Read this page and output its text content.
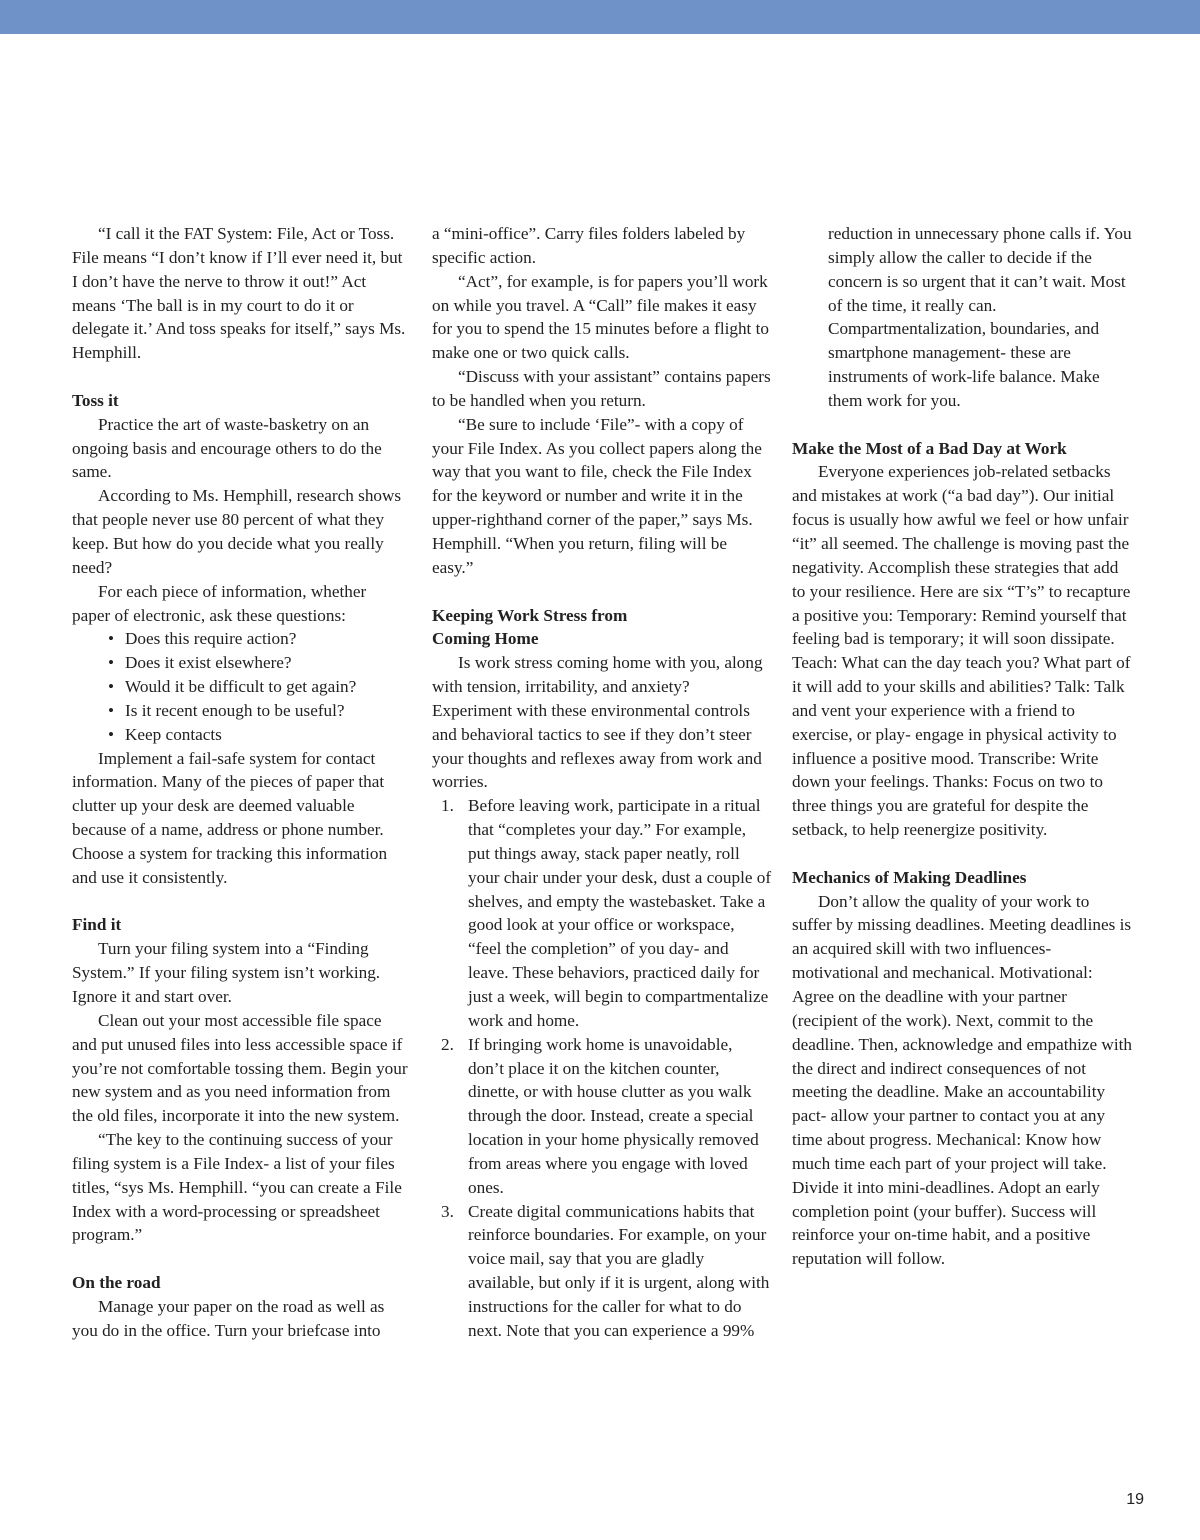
“I call it the FAT System: File, Act or Toss. File means “I don’t know if I’ll ever need it, but I don’t have the nerve to throw it out!” Act means ‘The ball is in my court to do it or delegate it.’ And toss speaks for itself,” says Ms. Hemphill.

Toss it

Practice the art of waste-basketry on an ongoing basis and encourage others to do the same.

According to Ms. Hemphill, research shows that people never use 80 percent of what they keep. But how do you decide what you really need?

For each piece of information, whether paper of electronic, ask these questions:

• Does this require action?
• Does it exist elsewhere?
• Would it be difficult to get again?
• Is it recent enough to be useful?
• Keep contacts

Implement a fail-safe system for contact information. Many of the pieces of paper that clutter up your desk are deemed valuable because of a name, address or phone number. Choose a system for tracking this information and use it consistently.

Find it

Turn your filing system into a “Finding System.” If your filing system isn’t working. Ignore it and start over.

Clean out your most accessible file space and put unused files into less accessible space if you’re not comfortable tossing them. Begin your new system and as you need information from the old files, incorporate it into the new system.

“The key to the continuing success of your filing system is a File Index- a list of your files titles, “sys Ms. Hemphill. “you can create a File Index with a word-processing or spreadsheet program.”

On the road

Manage your paper on the road as well as you do in the office. Turn your briefcase into

a “mini-office”. Carry files folders labeled by specific action.

“Act”, for example, is for papers you’ll work on while you travel. A “Call” file makes it easy for you to spend the 15 minutes before a flight to make one or two quick calls.

“Discuss with your assistant” contains papers to be handled when you return.

“Be sure to include ‘File”- with a copy of your File Index. As you collect papers along the way that you want to file, check the File Index for the keyword or number and write it in the upper-righthand corner of the paper,” says Ms. Hemphill. “When you return, filing will be easy.”

Keeping Work Stress from
Coming Home

Is work stress coming home with you, along with tension, irritability, and anxiety? Experiment with these environmental controls and behavioral tactics to see if they don’t steer your thoughts and reflexes away from work and worries.

1. Before leaving work, participate in a ritual that “completes your day.” For example, put things away, stack paper neatly, roll your chair under your desk, dust a couple of shelves, and empty the wastebasket. Take a good look at your office or workspace, “feel the completion” of you day- and leave. These behaviors, practiced daily for just a week, will begin to compartmentalize work and home.
2. If bringing work home is unavoidable, don’t place it on the kitchen counter, dinette, or with house clutter as you walk through the door. Instead, create a special location in your home physically removed from areas where you engage with loved ones.
3. Create digital communications habits that reinforce boundaries. For example, on your voice mail, say that you are gladly available, but only if it is urgent, along with instructions for the caller for what to do next. Note that you can experience a 99%

reduction in unnecessary phone calls if. You simply allow the caller to decide if the concern is so urgent that it can’t wait. Most of the time, it really can. Compartmentalization, boundaries, and smartphone management- these are instruments of work-life balance. Make them work for you.

Make the Most of a Bad Day at Work

Everyone experiences job-related setbacks and mistakes at work (“a bad day”). Our initial focus is usually how awful we feel or how unfair “it” all seemed. The challenge is moving past the negativity. Accomplish these strategies that add to your resilience. Here are six “T’s” to recapture a positive you: Temporary: Remind yourself that feeling bad is temporary; it will soon dissipate. Teach: What can the day teach you? What part of it will add to your skills and abilities? Talk: Talk and vent your experience with a friend to exercise, or play- engage in physical activity to influence a positive mood. Transcribe: Write down your feelings. Thanks: Focus on two to three things you are grateful for despite the setback, to help reenergize positivity.

Mechanics of Making Deadlines

Don’t allow the quality of your work to suffer by missing deadlines. Meeting deadlines is an acquired skill with two influences- motivational and mechanical. Motivational: Agree on the deadline with your partner (recipient of the work). Next, commit to the deadline. Then, acknowledge and empathize with the direct and indirect consequences of not meeting the deadline. Make an accountability pact- allow your partner to contact you at any time about progress. Mechanical: Know how much time each part of your project will take. Divide it into mini-deadlines. Adopt an early completion point (your buffer). Success will reinforce your on-time habit, and a positive reputation will follow.

19
